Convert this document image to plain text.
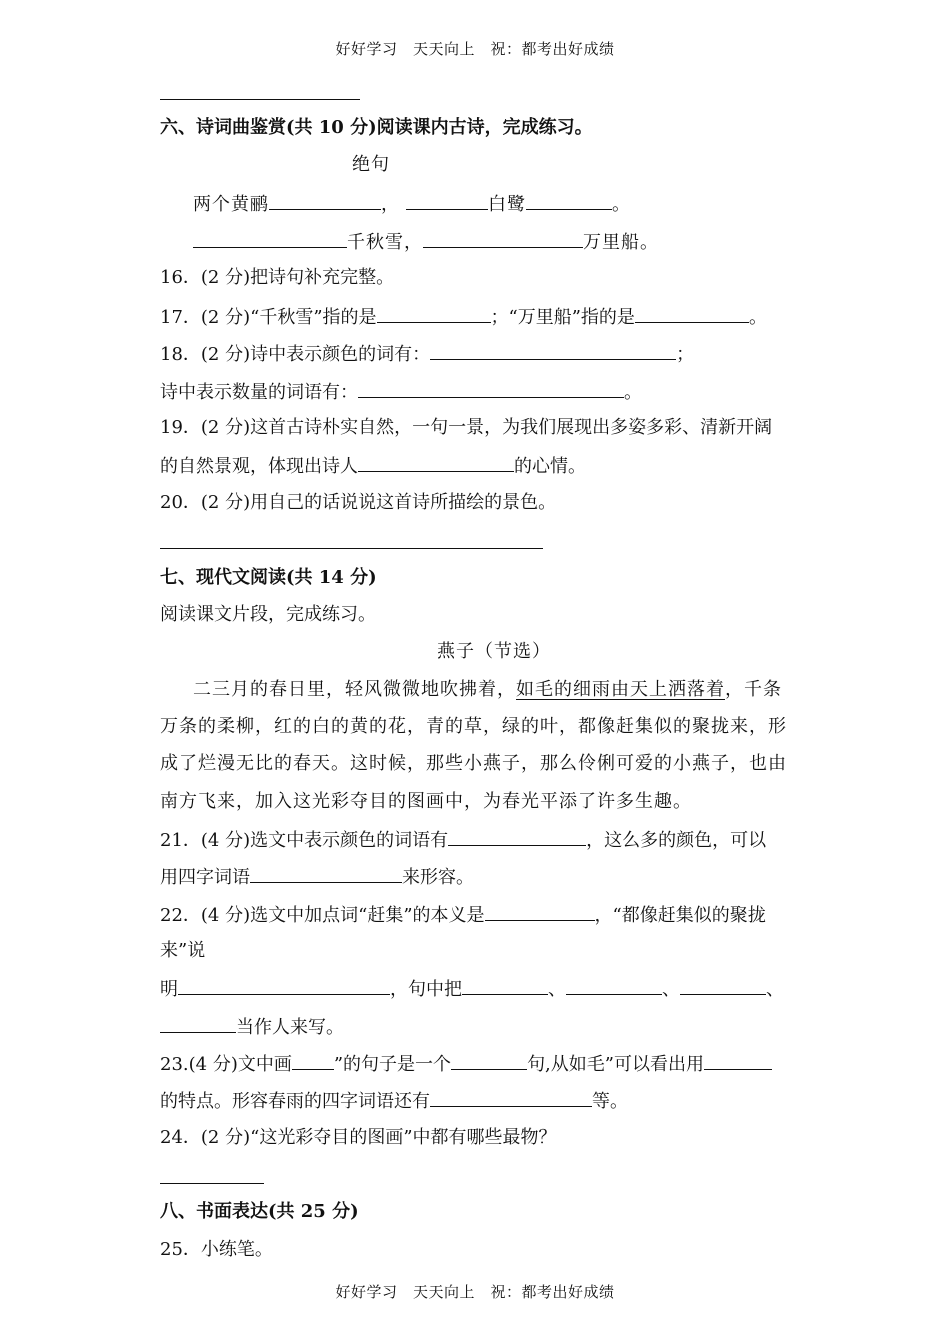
好好学习　天天向上　祝：都考出好成绩
六、诗词曲鉴赏(共 10 分)阅读课内古诗，完成练习。
绝句
两个黄鹂	，	白鹭	。
千秋雪，	万里船。
16．(2 分)把诗句补充完整。
17．(2 分)“千秋雪”指的是	；“万里船”指的是	。
18．(2 分)诗中表示颜色的词有：	；
诗中表示数量的词语有：	。
19．(2 分)这首古诗朴实自然，一句一景，为我们展现出多姿多彩、清新开阔
的自然景观，体现出诗人	的心情。
20．(2 分)用自己的话说说这首诗所描绘的景色。
七、现代文阅读(共 14 分)
阅读课文片段，完成练习。
燕子（节选）
二三月的春日里，轻风微微地吹拂着，如毛的细雨由天上洒落着，千条
万条的柔柳，红的白的黄的花，青的草，绿的叶，都像赶集似的聚拢来，形
成了烂漫无比的春天。这时候，那些小燕子，那么伶俐可爱的小燕子，也由
南方飞来，加入这光彩夺目的图画中，为春光平添了许多生趣。
21．(4 分)选文中表示颜色的词语有	，这么多的颜色，可以
用四字词语	来形容。
22．(4 分)选文中加点词“赶集”的本义是	，“都像赶集似的聚拢
来”说
明	，句中把	、	、	、
当作人来写。
23.(4 分)文中画 ”的句子是一个	句,从如毛”可以看出用
的特点。形容春雨的四字词语还有	等。
24．(2 分)“这光彩夺目的图画”中都有哪些最物？
八、书面表达(共 25 分)
25．小练笔。
好好学习　天天向上　祝：都考出好成绩
